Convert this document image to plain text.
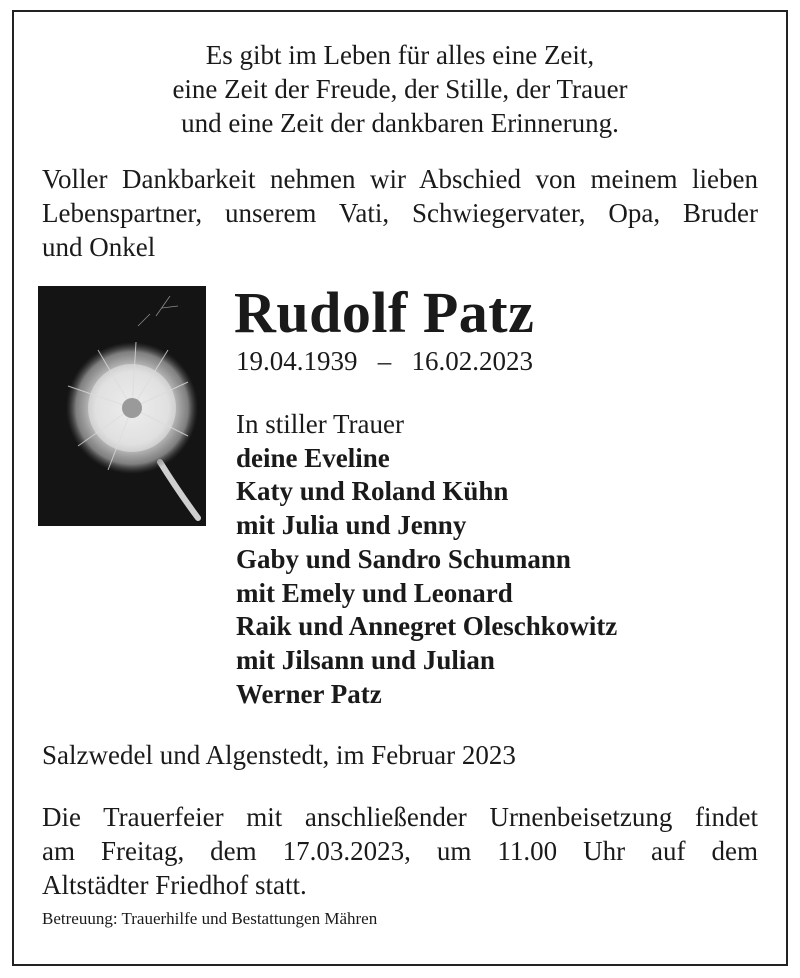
Es gibt im Leben für alles eine Zeit,
eine Zeit der Freude, der Stille, der Trauer
und eine Zeit der dankbaren Erinnerung.
Voller Dankbarkeit nehmen wir Abschied von meinem lieben
Lebenspartner, unserem Vati, Schwiegervater, Opa, Bruder
und Onkel
Rudolf Patz
19.04.1939   –   16.02.2023
In stiller Trauer
deine Eveline
Katy und Roland Kühn
mit Julia und Jenny
Gaby und Sandro Schumann
mit Emely und Leonard
Raik und Annegret Oleschkowitz
mit Jilsann und Julian
Werner Patz
Salzwedel und Algenstedt, im Februar 2023
Die Trauerfeier mit anschließender Urnenbeisetzung findet
am Freitag, dem 17.03.2023, um 11.00 Uhr auf dem
Altstädter Friedhof statt.
Betreuung: Trauerhilfe und Bestattungen Mähren
